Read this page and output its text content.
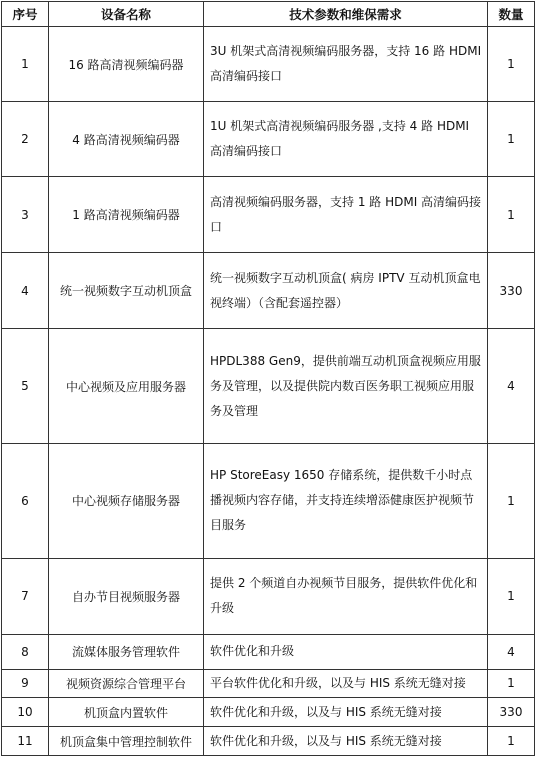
序号	设备名称	技术参数和维保需求	数量
1	16 路高清视频编码器	3U 机架式高清视频编码服务器，支持 16 路 HDMI 高清编码接口	1
2	4 路高清视频编码器	1U 机架式高清视频编码服务器 ,支持 4 路 HDMI 高清编码接口	1
3	1 路高清视频编码器	高清视频编码服务器，支持 1 路 HDMI 高清编码接口	1
4	统一视频数字互动机顶盒	统一视频数字互动机顶盒( 病房 IPTV 互动机顶盒电视终端）（含配套遥控器）	330
5	中心视频及应用服务器	HPDL388 Gen9，提供前端互动机顶盒视频应用服务及管理，以及提供院内数百医务职工视频应用服务及管理	4
6	中心视频存储服务器	HP StoreEasy 1650 存储系统，提供数千小时点播视频内容存储，并支持连续增添健康医护视频节目服务	1
7	自办节目视频服务器	提供 2 个频道自办视频节目服务，提供软件优化和升级	1
8	流媒体服务管理软件	软件优化和升级	4
9	视频资源综合管理平台	平台软件优化和升级，以及与 HIS 系统无缝对接	1
10	机顶盒内置软件	软件优化和升级，以及与 HIS 系统无缝对接	330
11	机顶盒集中管理控制软件	软件优化和升级，以及与 HIS 系统无缝对接	1
